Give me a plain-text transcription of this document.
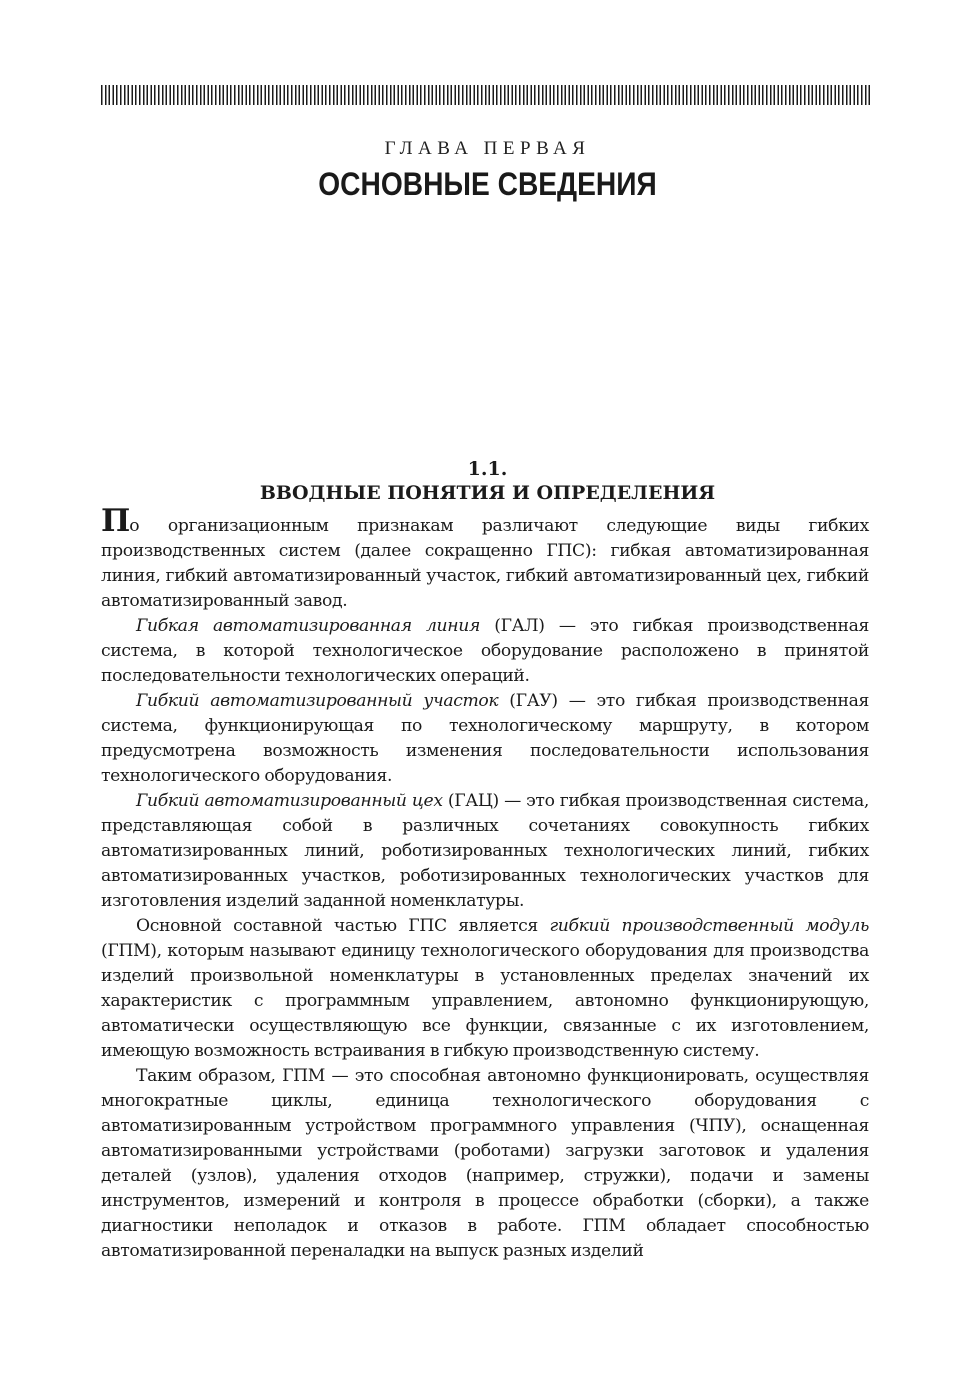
ГЛАВА ПЕРВАЯ
ОСНОВНЫЕ СВЕДЕНИЯ
1.1.
ВВОДНЫЕ ПОНЯТИЯ И ОПРЕДЕЛЕНИЯ

По организационным признакам различают следующие виды гибких производственных систем (далее сокращенно ГПС): гибкая автоматизированная линия, гибкий автоматизированный участок, гибкий автоматизированный цех, гибкий автоматизированный завод.

Гибкая автоматизированная линия (ГАЛ) — это гибкая производственная система, в которой технологическое оборудование расположено в принятой последовательности технологических операций.

Гибкий автоматизированный участок (ГАУ) — это гибкая производственная система, функционирующая по технологическому маршруту, в котором предусмотрена возможность изменения последовательности использования технологического оборудования.

Гибкий автоматизированный цех (ГАЦ) — это гибкая производственная система, представляющая собой в различных сочетаниях совокупность гибких автоматизированных линий, роботизированных технологических линий, гибких автоматизированных участков, роботизированных технологических участков для изготовления изделий заданной номенклатуры.

Основной составной частью ГПС является гибкий производственный модуль (ГПМ), которым называют единицу технологического оборудования для производства изделий произвольной номенклатуры в установленных пределах значений их характеристик с программным управлением, автономно функционирующую, автоматически осуществляющую все функции, связанные с их изготовлением, имеющую возможность встраивания в гибкую производственную систему.

Таким образом, ГПМ — это способная автономно функционировать, осуществляя многократные циклы, единица технологического оборудования с автоматизированным устройством программного управления (ЧПУ), оснащенная автоматизированными устройствами (роботами) загрузки заготовок и удаления деталей (узлов), удаления отходов (например, стружки), подачи и замены инструментов, измерений и контроля в процессе обработки (сборки), а также диагностики неполадок и отказов в работе. ГПМ обладает способностью автоматизированной переналадки на выпуск разных изделий
